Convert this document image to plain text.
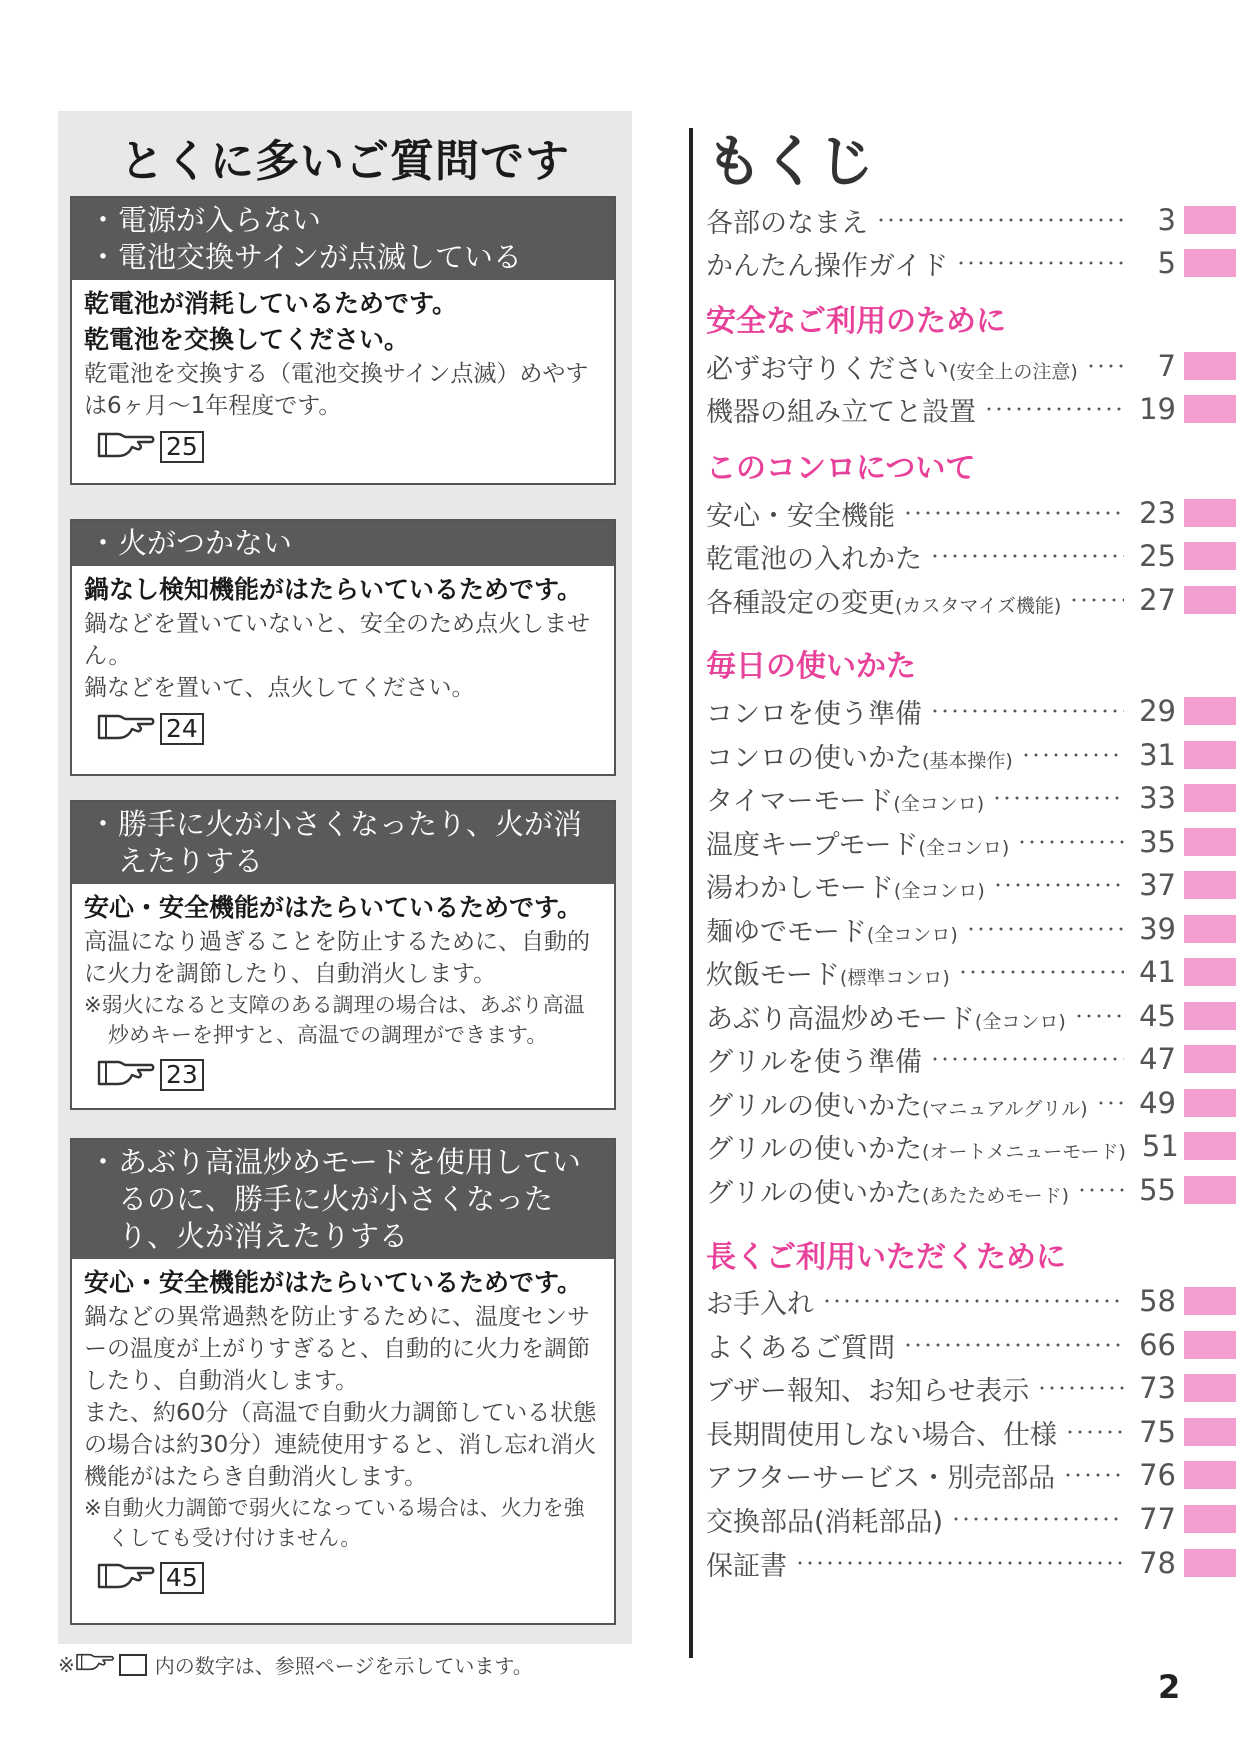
とくに多いご質問です
・ 電源が入らない
・ 電池交換サインが点滅している
乾電池が消耗しているためです。
乾電池を交換してください。
乾電池を交換する（電池交換サイン点滅）めやすは6ヶ月〜1年程度です。
25
・ 火がつかない
鍋なし検知機能がはたらいているためです。
鍋などを置いていないと、安全のため点火しません。
鍋などを置いて、点火してください。
24
・ 勝手に火が小さくなったり、火が消えたりする
安心・安全機能がはたらいているためです。
高温になり過ぎることを防止するために、自動的に火力を調節したり、自動消火します。
※弱火になると支障のある調理の場合は、あぶり高温炒めキーを押すと、高温での調理ができます。
23
・ あぶり高温炒めモードを使用しているのに、勝手に火が小さくなったり、火が消えたりする
安心・安全機能がはたらいているためです。
鍋などの異常過熱を防止するために、温度センサーの温度が上がりすぎると、自動的に火力を調節したり、自動消火します。
また、約60分（高温で自動火力調節している状態の場合は約30分）連続使用すると、消し忘れ消火機能がはたらき自動消火します。
※自動火力調節で弱火になっている場合は、火力を強くしても受け付けません。
45
※	内の数字は、参照ページを示しています。
もくじ
各部のなまえ	3
かんたん操作ガイド	5
安全なご利用のために
必ずお守りください(安全上の注意)	7
機器の組み立てと設置	19
このコンロについて
安心・安全機能	23
乾電池の入れかた	25
各種設定の変更(カスタマイズ機能)	27
毎日の使いかた
コンロを使う準備	29
コンロの使いかた(基本操作)	31
タイマーモード(全コンロ)	33
温度キープモード(全コンロ)	35
湯わかしモード(全コンロ)	37
麺ゆでモード(全コンロ)	39
炊飯モード(標準コンロ)	41
あぶり高温炒めモード(全コンロ)	45
グリルを使う準備	47
グリルの使いかた(マニュアルグリル) 49
グリルの使いかた(オートメニューモード) 51
グリルの使いかた(あたためモード) 55
長くご利用いただくために
お手入れ	58
よくあるご質問	66
ブザー報知、お知らせ表示	73
長期間使用しない場合、仕様	75
アフターサービス・別売部品	76
交換部品(消耗部品)	77
保証書	78
2
